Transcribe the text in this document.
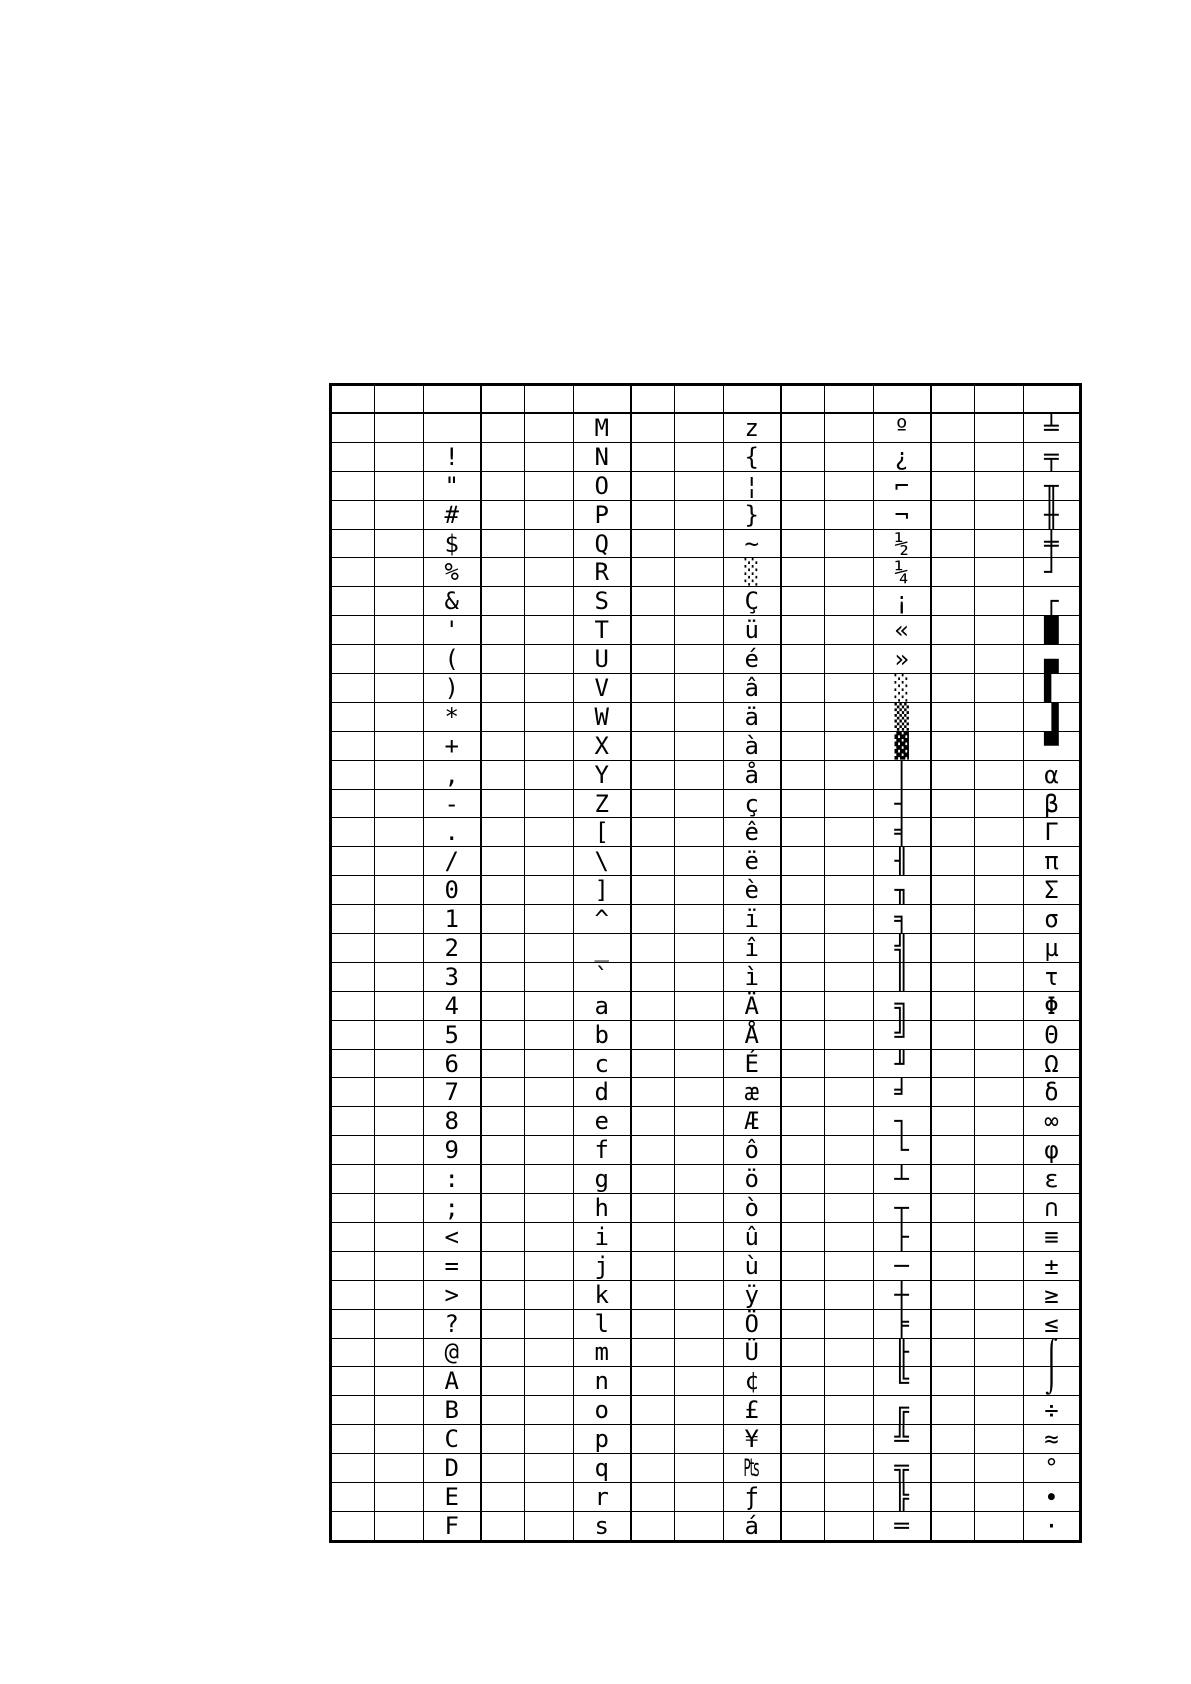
					M			z			º			╧
		!			N			{			¿			╤
		"			O			¦			⌐			╥
		#			P			}			¬			╫
		$			Q			~			½			╪
		%			R			░			¼			┘
		&			S			Ç			¡			┌
		'			T			ü			«			█
		(			U			é			»			▄
		)			V			â			░			▌
		*			W			ä			▒			▐
		+			X			à			▓			▀
		,			Y			å			│			α
		-			Z			ç			┤			β
		.			[			ê			╡			Γ
		/			\			ë			╢			π
		0			]			è			╖			Σ
		1			^			ï			╕			σ
		2			_			î			╣			µ
		3			`			ì			║			τ
		4			a			Ä			╗			Φ
		5			b			Å			╝			Θ
		6			c			É			╜			Ω
		7			d			æ			╛			δ
		8			e			Æ			┐			∞
		9			f			ô			└			φ
		:			g			ö			┴			ε
		;			h			ò			┬			∩
		<			i			û			├			≡
		=			j			ù			─			±
		>			k			ÿ			┼			≥
		?			l			Ö			╞			≤
		@			m			Ü			╟			⌠
		A			n			¢			╚			⌡
		B			o			£			╔			÷
		C			p			¥			╩			≈
		D			q			₧			╦			°
		E			r			ƒ			╠			∙
		F			s			á			═			·
